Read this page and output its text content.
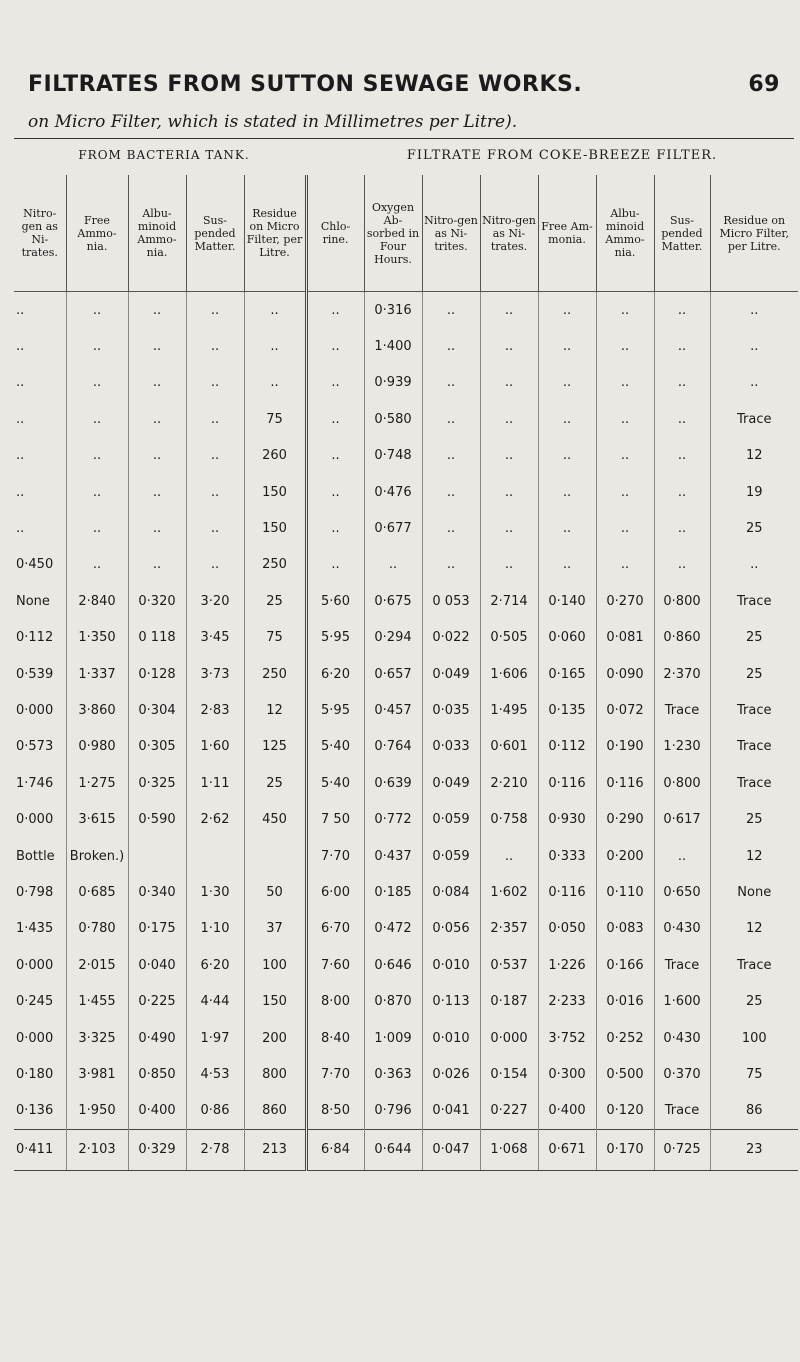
FILTRATES FROM SUTTON SEWAGE WORKS.	69
on Micro Filter, which is stated in Millimetres per Litre).
FROM BACTERIA TANK.	FILTRATE FROM COKE-BREEZE FILTER.
Nitro-gen as Ni-trates.	Free Ammo-nia.	Albu-minoid Ammo-nia.	Sus-pended Matter.	Residue on Micro Filter, per Litre.	Chlo-rine.	Oxygen Ab-sorbed in Four Hours.	Nitro-gen as Ni-trites.	Nitro-gen as Ni-trates.	Free Am-monia.	Albu-minoid Ammo-nia.	Sus-pended Matter.	Residue on Micro Filter, per Litre.
..	..	..	..	..	..	0·316	..	..	..	..	..	..
..	..	..	..	..	..	1·400	..	..	..	..	..	..
..	..	..	..	..	..	0·939	..	..	..	..	..	..
..	..	..	..	75	..	0·580	..	..	..	..	..	Trace
..	..	..	..	260	..	0·748	..	..	..	..	..	12
..	..	..	..	150	..	0·476	..	..	..	..	..	19
..	..	..	..	150	..	0·677	..	..	..	..	..	25
0·450	..	..	..	250	..	..	..	..	..	..	..	..
None	2·840	0·320	3·20	25	5·60	0·675	0 053	2·714	0·140	0·270	0·800	Trace
0·112	1·350	0 118	3·45	75	5·95	0·294	0·022	0·505	0·060	0·081	0·860	25
0·539	1·337	0·128	3·73	250	6·20	0·657	0·049	1·606	0·165	0·090	2·370	25
0·000	3·860	0·304	2·83	12	5·95	0·457	0·035	1·495	0·135	0·072	Trace	Trace
0·573	0·980	0·305	1·60	125	5·40	0·764	0·033	0·601	0·112	0·190	1·230	Trace
1·746	1·275	0·325	1·11	25	5·40	0·639	0·049	2·210	0·116	0·116	0·800	Trace
0·000	3·615	0·590	2·62	450	7 50	0·772	0·059	0·758	0·930	0·290	0·617	25
Bottle	Broken.)				7·70	0·437	0·059	..	0·333	0·200	..	12
0·798	0·685	0·340	1·30	50	6·00	0·185	0·084	1·602	0·116	0·110	0·650	None
1·435	0·780	0·175	1·10	37	6·70	0·472	0·056	2·357	0·050	0·083	0·430	12
0·000	2·015	0·040	6·20	100	7·60	0·646	0·010	0·537	1·226	0·166	Trace	Trace
0·245	1·455	0·225	4·44	150	8·00	0·870	0·113	0·187	2·233	0·016	1·600	25
0·000	3·325	0·490	1·97	200	8·40	1·009	0·010	0·000	3·752	0·252	0·430	100
0·180	3·981	0·850	4·53	800	7·70	0·363	0·026	0·154	0·300	0·500	0·370	75
0·136	1·950	0·400	0·86	860	8·50	0·796	0·041	0·227	0·400	0·120	Trace	86
0·411	2·103	0·329	2·78	213	6·84	0·644	0·047	1·068	0·671	0·170	0·725	23
